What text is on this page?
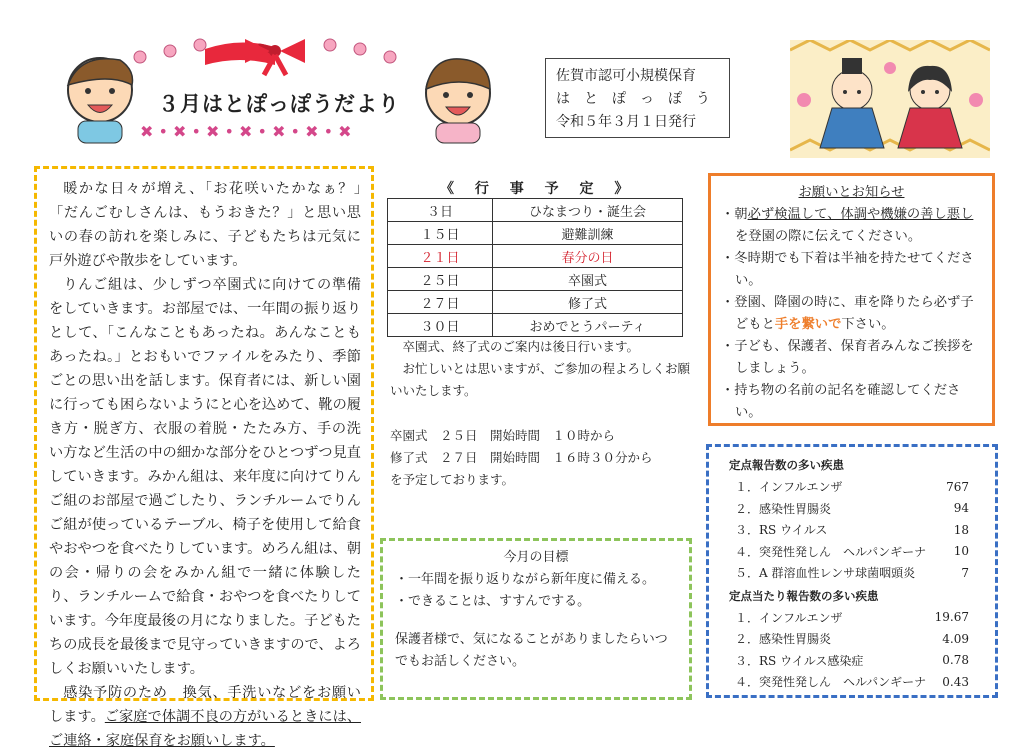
✖ • ✖ • ✖ • ✖ • ✖ • ✖ • ✖
３月はとぽっぽうだより
佐賀市認可小規模保育
は　と　ぽ　っ　ぽ　う
令和５年３月１日発行

暖かな日々が増え、｢お花咲いたかなぁ？｣「だんごむしさんは、もうおきた？」と思い思いの春の訪れを楽しみに、子どもたちは元気に戸外遊びや散歩をしています。

りんご組は、少しずつ卒園式に向けての準備をしていきます。お部屋では、一年間の振り返りとして、「こんなこともあったね。あんなこともあったね。」とおもいでファイルをみたり、季節ごとの思い出を話します。保育者には、新しい園に行っても困らないようにと心を込めて、靴の履き方・脱ぎ方、衣服の着脱・たたみ方、手の洗い方など生活の中の細かな部分をひとつずつ見直していきます。みかん組は、来年度に向けてりんご組のお部屋で過ごしたり、ランチルームでりんご組が使っているテーブル、椅子を使用して給食やおやつを食べたりしています。めろん組は、朝の会・帰りの会をみかん組で一緒に体験したり、ランチルームで給食・おやつを食べたりしています。今年度最後の月になりました。子どもたちの成長を最後まで見守っていきますので、よろしくお願いいたします。

感染予防のため　換気、手洗いなどをお願いします。ご家庭で体調不良の方がいるときには、ご連絡・家庭保育をお願いします。

《 行 事 予 定 》
３日	ひなまつり・誕生会
１５日	避難訓練
２１日	春分の日
２５日	卒園式
２７日	修了式
３０日	おめでとうパーティ
卒園式、終了式のご案内は後日行います。
お忙しいとは思いますが、ご参加の程よろしくお願いいたします。
卒園式　２５日　開始時間　１０時から
修了式　２７日　開始時間　１６時３０分から
を予定しております。
今月の目標
・一年間を振り返りながら新年度に備える。
・できることは、すすんでする。
保護者様で、気になることがありましたらいつでもお話しください。
お願いとお知らせ
・朝必ず検温して、体調や機嫌の善し悪しを登園の際に伝えてください。
・冬時期でも下着は半袖を持たせてください。
・登園、降園の時に、車を降りたら必ず子どもと手を繋いで下さい。
・子ども、保護者、保育者みんなご挨拶をしましょう。
・持ち物の名前の記名を確認してください。
定点報告数の多い疾患
１．インフルエンザ	767
２．感染性胃腸炎	94
３．RS ウイルス	18
４．突発性発しん　ヘルパンギーナ 10
５．A 群溶血性レンサ球菌咽頭炎	7
定点当たり報告数の多い疾患
１．インフルエンザ	19.67
２．感染性胃腸炎	4.09
３．RS ウイルス感染症	0.78
４．突発性発しん　ヘルパンギーナ 0.43
